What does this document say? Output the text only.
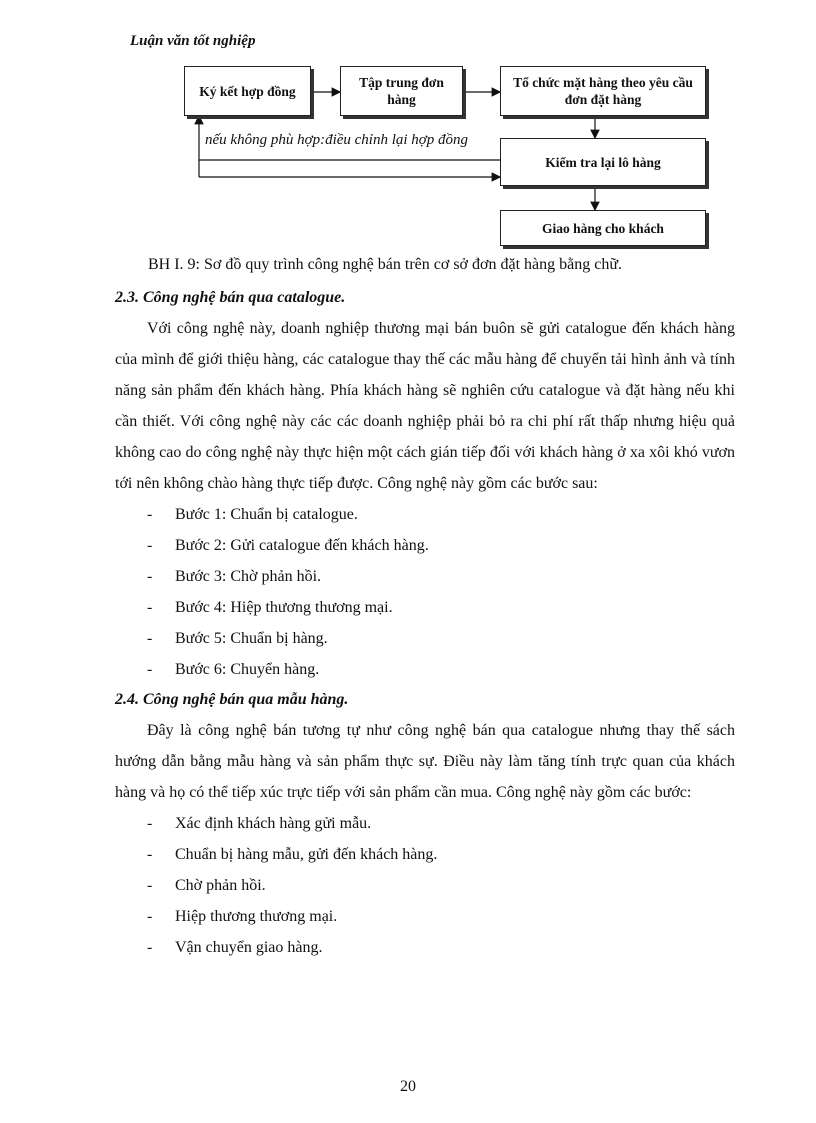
Luận văn tốt nghiệp
Ký kết hợp đồng
Tập trung đơn hàng
Tổ chức mặt hàng theo yêu cầu đơn đặt hàng
Kiểm tra lại lô hàng
Giao hàng cho khách
nếu không phù hợp:điều chỉnh lại hợp đồng
BH I. 9: Sơ đồ quy trình công nghệ bán trên cơ sở đơn đặt hàng bằng chữ.
2.3. Công nghệ bán qua catalogue.

Với công nghệ này, doanh nghiệp thương mại bán buôn sẽ gửi catalogue đến khách hàng của mình để giới thiệu hàng, các catalogue thay thế các mẫu hàng để chuyển tải hình ảnh và tính năng sản phẩm đến khách hàng. Phía khách hàng sẽ nghiên cứu catalogue và đặt hàng nếu khi cần thiết. Với công nghệ này các các doanh nghiệp phải bỏ ra chi phí rất thấp nhưng hiệu quả không cao do công nghệ này thực hiện một cách gián tiếp đối với khách hàng ở xa xôi khó vươn tới nên không chào hàng thực tiếp được. Công nghệ này gồm các bước sau:

- Bước 1: Chuẩn bị catalogue.
- Bước 2: Gửi catalogue đến khách hàng.
- Bước 3: Chờ phản hồi.
- Bước 4: Hiệp thương thương mại.
- Bước 5: Chuẩn bị hàng.
- Bước 6: Chuyển hàng.
2.4. Công nghệ bán qua mẫu hàng.

Đây là công nghệ bán tương tự như công nghệ bán qua catalogue nhưng thay thế sách hướng dẫn bằng mẫu hàng và sản phẩm thực sự. Điều này làm tăng tính trực quan của khách hàng và họ có thể tiếp xúc trực tiếp với sản phẩm cần mua. Công nghệ này gồm các bước:

- Xác định khách hàng gửi mẫu.
- Chuẩn bị hàng mẫu, gửi đến khách hàng.
- Chờ phản hồi.
- Hiệp thương thương mại.
- Vận chuyển giao hàng.
20
